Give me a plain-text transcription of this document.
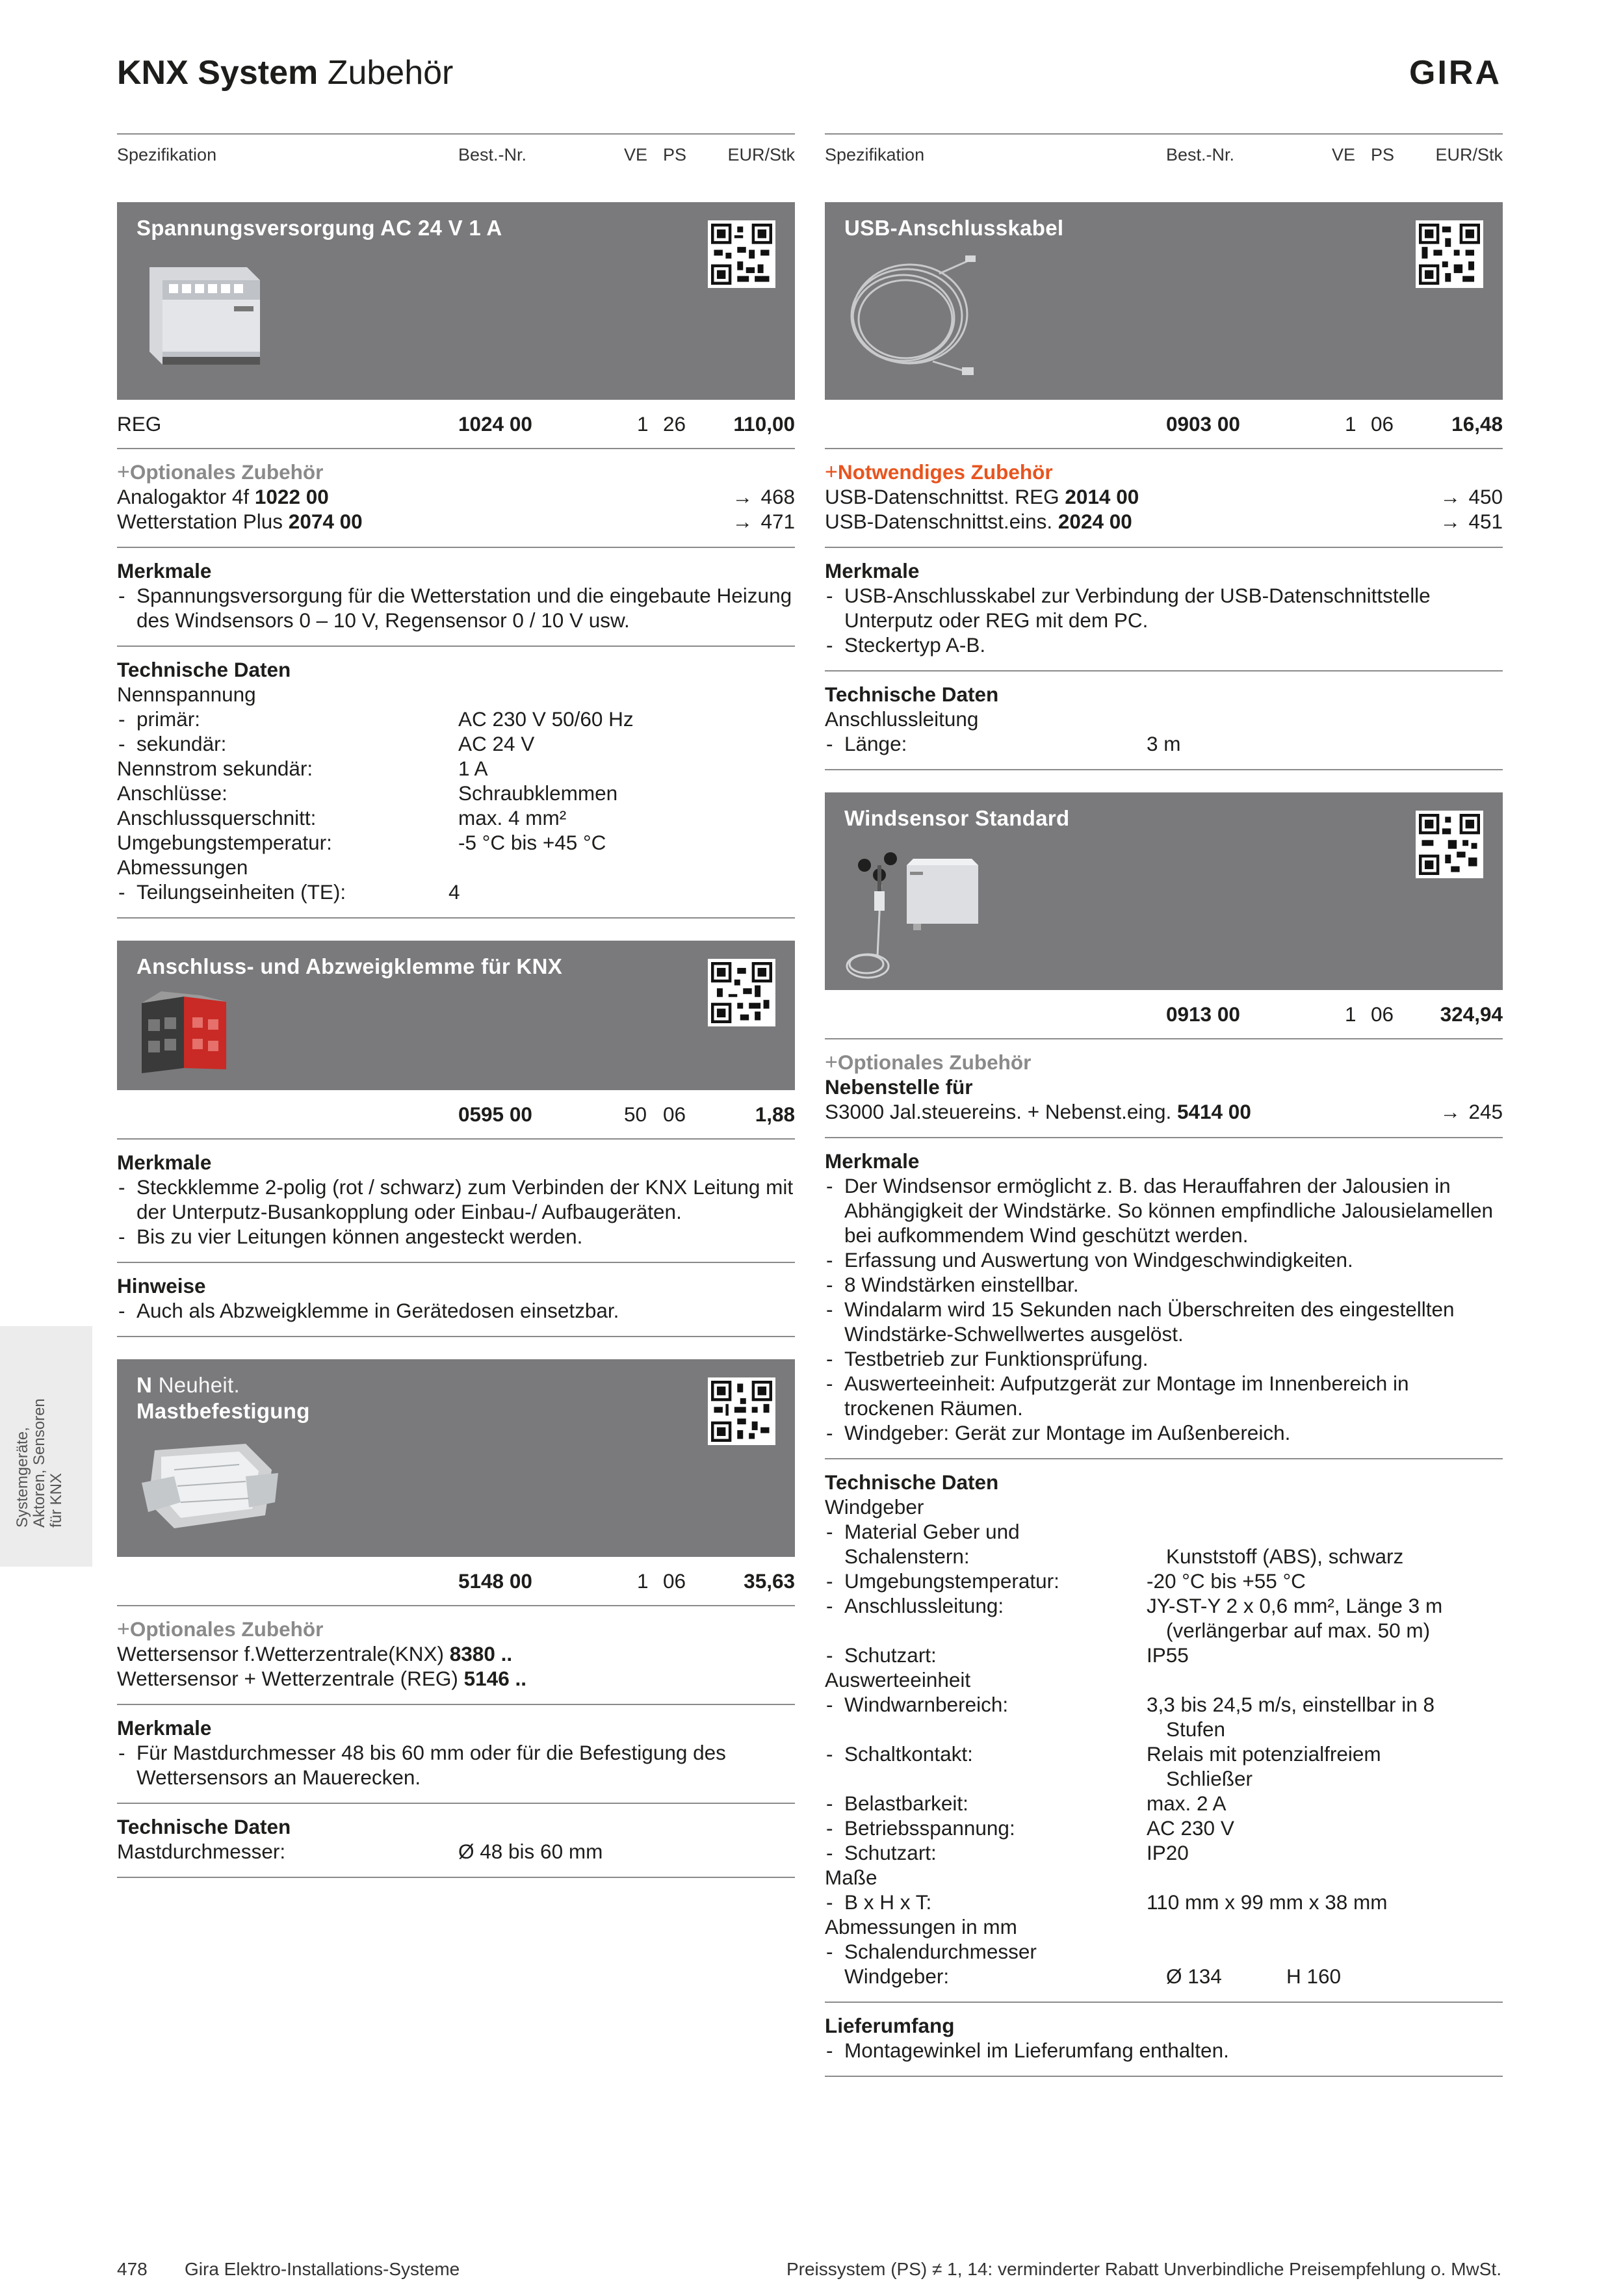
KNX System Zubehör	GIRA
Systemgeräte, Aktoren, Sensoren für KNX
Spezifikation	Best.-Nr.	VE PS EUR/Stk
Spannungsversorgung AC 24 V 1 A
REG	1024 00	1 26 110,00
+Optionales Zubehör
Analogaktor 4f 1022 00	→ 468
Wetterstation Plus 2074 00	→ 471
Merkmale
- Spannungsversorgung für die Wetterstation und die eingebaute Heizung des Windsensors 0 – 10 V, Regensensor 0 / 10 V usw.
Technische Daten
Nennspannung
- primär:	AC 230 V 50/60 Hz
- sekundär:	AC 24 V
Nennstrom sekundär:	1 A
Anschlüsse:	Schraubklemmen
Anschlussquerschnitt:	max. 4 mm²
Umgebungstemperatur:	-5 °C bis +45 °C
Abmessungen
- Teilungseinheiten (TE):	4
Anschluss- und Abzweigklemme für KNX
0595 00	50 06	1,88
Merkmale
- Steckklemme 2-polig (rot / schwarz) zum Verbinden der KNX Leitung mit der Unterputz-Busankopplung oder Einbau-/ Aufbaugeräten.
- Bis zu vier Leitungen können angesteckt werden.
Hinweise
- Auch als Abzweigklemme in Gerätedosen einsetzbar.
N Neuheit.
Mastbefestigung
5148 00	1 06	35,63
+Optionales Zubehör
Wettersensor f.Wetterzentrale(KNX) 8380 ..
Wettersensor + Wetterzentrale (REG) 5146 ..
Merkmale
- Für Mastdurchmesser 48 bis 60 mm oder für die Befestigung des Wettersensors an Mauerecken.
Technische Daten
Mastdurchmesser:	Ø 48 bis 60 mm
Spezifikation	Best.-Nr.	VE PS EUR/Stk
USB-Anschlusskabel
0903 00	1 06	16,48
+Notwendiges Zubehör
USB-Datenschnittst. REG 2014 00	→ 450
USB-Datenschnittst.eins. 2024 00	→ 451
Merkmale
- USB-Anschlusskabel zur Verbindung der USB-Datenschnittstelle Unterputz oder REG mit dem PC.
- Steckertyp A-B.
Technische Daten
Anschlussleitung
- Länge:	3 m
Windsensor Standard
0913 00	1 06 324,94
+Optionales Zubehör
Nebenstelle für
S3000 Jal.steuereins. + Nebenst.eing. 5414 00	→ 245
Merkmale
- Der Windsensor ermöglicht z. B. das Herauffahren der Jalousien in Abhängigkeit der Windstärke. So können empfindliche Jalousielamellen bei aufkommendem Wind geschützt werden.
- Erfassung und Auswertung von Windgeschwindigkeiten.
- 8 Windstärken einstellbar.
- Windalarm wird 15 Sekunden nach Überschreiten des eingestellten Windstärke-Schwellwertes ausgelöst.
- Testbetrieb zur Funktionsprüfung.
- Auswerteeinheit: Aufputzgerät zur Montage im Innenbereich in trockenen Räumen.
- Windgeber: Gerät zur Montage im Außenbereich.
Technische Daten
Windgeber
- Material Geber und
Schalenstern:	Kunststoff (ABS), schwarz
- Umgebungstemperatur:	-20 °C bis +55 °C
- Anschlussleitung:	JY-ST-Y 2 x 0,6 mm², Länge 3 m
(verlängerbar auf max. 50 m)
- Schutzart:	IP55
Auswerteeinheit
- Windwarnbereich:	3,3 bis 24,5 m/s, einstellbar in 8
Stufen
- Schaltkontakt:	Relais mit potenzialfreiem
Schließer
- Belastbarkeit:	max. 2 A
- Betriebsspannung:	AC 230 V
- Schutzart:	IP20
Maße
- B x H x T:	110 mm x 99 mm x 38 mm
Abmessungen in mm
- Schalendurchmesser
Windgeber:	Ø 134	H 160
Lieferumfang
- Montagewinkel im Lieferumfang enthalten.
478 Gira Elektro-Installations-Systeme	Preissystem (PS) ≠ 1, 14: verminderter Rabatt Unverbindliche Preisempfehlung o. MwSt.
